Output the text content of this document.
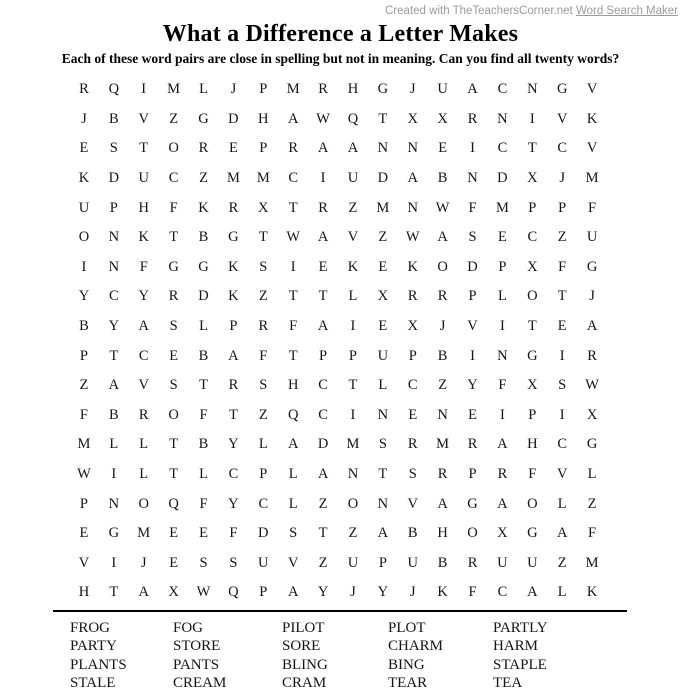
Created with TheTeachersCorner.net Word Search Maker
What a Difference a Letter Makes
Each of these word pairs are close in spelling but not in meaning. Can you find all twenty words?
R	Q	I	M	L	J	P	M	R	H	G	J	U	A	C	N	G	V
J	B	V	Z	G	D	H	A	W	Q	T	X	X	R	N	I	V	K
E	S	T	O	R	E	P	R	A	A	N	N	E	I	C	T	C	V
K	D	U	C	Z	M	M	C	I	U	D	A	B	N	D	X	J	M
U	P	H	F	K	R	X	T	R	Z	M	N	W	F	M	P	P	F
O	N	K	T	B	G	T	W	A	V	Z	W	A	S	E	C	Z	U
I	N	F	G	G	K	S	I	E	K	E	K	O	D	P	X	F	G
Y	C	Y	R	D	K	Z	T	T	L	X	R	R	P	L	O	T	J
B	Y	A	S	L	P	R	F	A	I	E	X	J	V	I	T	E	A
P	T	C	E	B	A	F	T	P	P	U	P	B	I	N	G	I	R
Z	A	V	S	T	R	S	H	C	T	L	C	Z	Y	F	X	S	W
F	B	R	O	F	T	Z	Q	C	I	N	E	N	E	I	P	I	X
M	L	L	T	B	Y	L	A	D	M	S	R	M	R	A	H	C	G
W	I	L	T	L	C	P	L	A	N	T	S	R	P	R	F	V	L
P	N	O	Q	F	Y	C	L	Z	O	N	V	A	G	A	O	L	Z
E	G	M	E	E	F	D	S	T	Z	A	B	H	O	X	G	A	F
V	I	J	E	S	S	U	V	Z	U	P	U	B	R	U	U	Z	M
H	T	A	X	W	Q	P	A	Y	J	Y	J	K	F	C	A	L	K
FROG
PARTY
PLANTS
STALE
FOG
STORE
PANTS
CREAM
PILOT
SORE
BLING
CRAM
PLOT
CHARM
BING
TEAR
PARTLY
HARM
STAPLE
TEA
